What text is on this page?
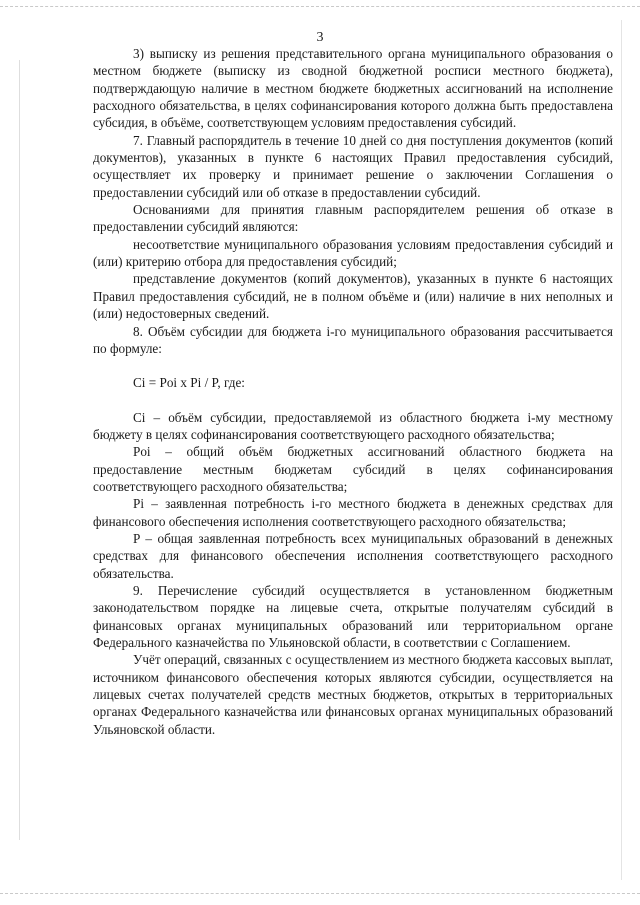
3

3) выписку из решения представительного органа муниципального образования о местном бюджете (выписку из сводной бюджетной росписи местного бюджета), подтверждающую наличие в местном бюджете бюджетных ассигнований на исполнение расходного обязательства, в целях софинансирования которого должна быть предоставлена субсидия, в объёме, соответствующем условиям предоставления субсидий.

7. Главный распорядитель в течение 10 дней со дня поступления документов (копий документов), указанных в пункте 6 настоящих Правил предоставления субсидий, осуществляет их проверку и принимает решение о заключении Соглашения о предоставлении субсидий или об отказе в предоставлении субсидий.

Основаниями для принятия главным распорядителем решения об отказе в предоставлении субсидий являются:

несоответствие муниципального образования условиям предоставления субсидий и (или) критерию отбора для предоставления субсидий;

представление документов (копий документов), указанных в пункте 6 настоящих Правил предоставления субсидий, не в полном объёме и (или) наличие в них неполных и (или) недостоверных сведений.

8. Объём субсидии для бюджета i-го муниципального образования рассчитывается по формуле:

Ci = Poi x Pi / P, где:

Ci – объём субсидии, предоставляемой из областного бюджета i-му местному бюджету в целях софинансирования соответствующего расходного обязательства;

Poi – общий объём бюджетных ассигнований областного бюджета на предоставление местным бюджетам субсидий в целях софинансирования соответствующего расходного обязательства;

Pi – заявленная потребность i-го местного бюджета в денежных средствах для финансового обеспечения исполнения соответствующего расходного обязательства;

P – общая заявленная потребность всех муниципальных образований в денежных средствах для финансового обеспечения исполнения соответствующего расходного обязательства.

9. Перечисление субсидий осуществляется в установленном бюджетным законодательством порядке на лицевые счета, открытые получателям субсидий в финансовых органах муниципальных образований или территориальном органе Федерального казначейства по Ульяновской области, в соответствии с Соглашением.

Учёт операций, связанных с осуществлением из местного бюджета кассовых выплат, источником финансового обеспечения которых являются субсидии, осуществляется на лицевых счетах получателей средств местных бюджетов, открытых в территориальных органах Федерального казначейства или финансовых органах муниципальных образований Ульяновской области.
